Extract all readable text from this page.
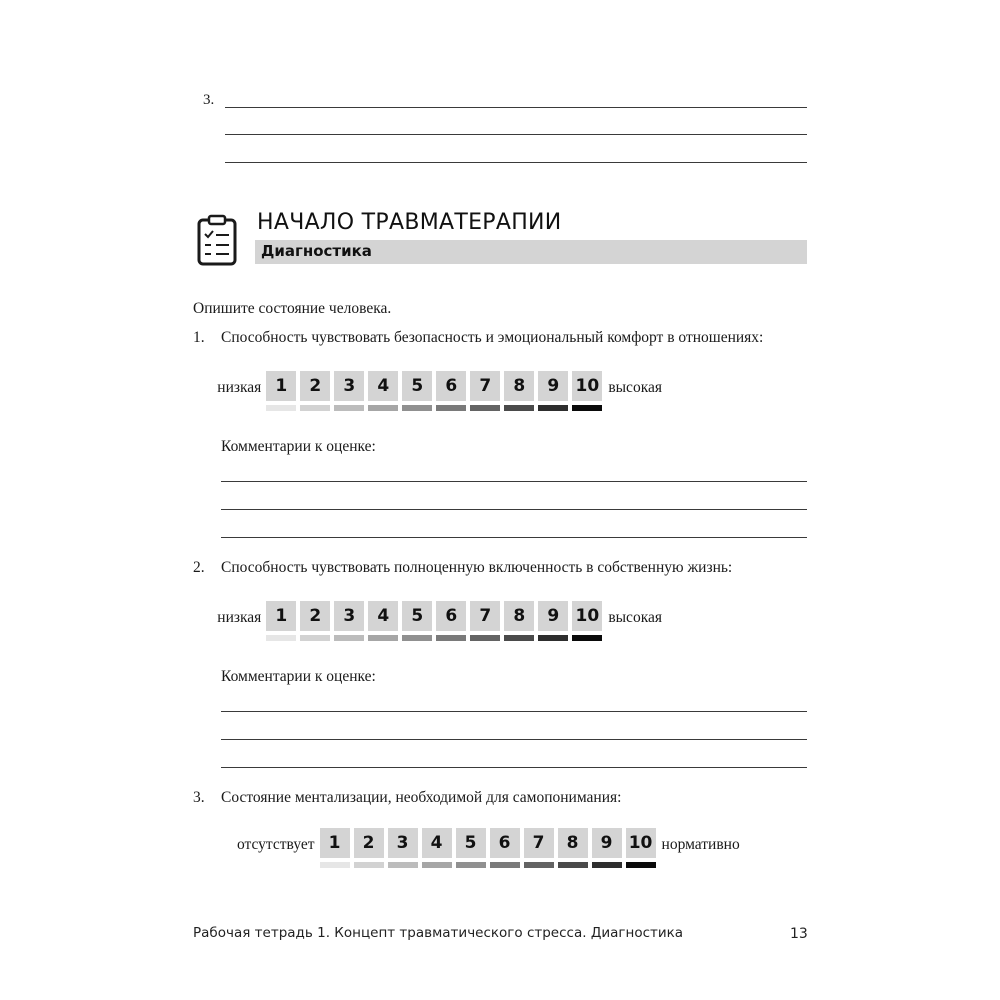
3.
НАЧАЛО ТРАВМАТЕРАПИИ
Диагностика
Опишите состояние человека.
1. Способность чувствовать безопасность и эмоциональный комфорт в отношениях:
низкая 1	2	3	4	5	6	7	8	9 10 высокая
Комментарии к оценке:
2. Способность чувствовать полноценную включенность в собственную жизнь:
низкая 1	2	3	4	5	6	7	8	9 10 высокая
Комментарии к оценке:
3. Состояние ментализации, необходимой для самопонимания:
отсутствует 1	2	3	4	5	6	7	8	9 10 нормативно
Рабочая тетрадь 1. Концепт травматического стресса. Диагностика	13
